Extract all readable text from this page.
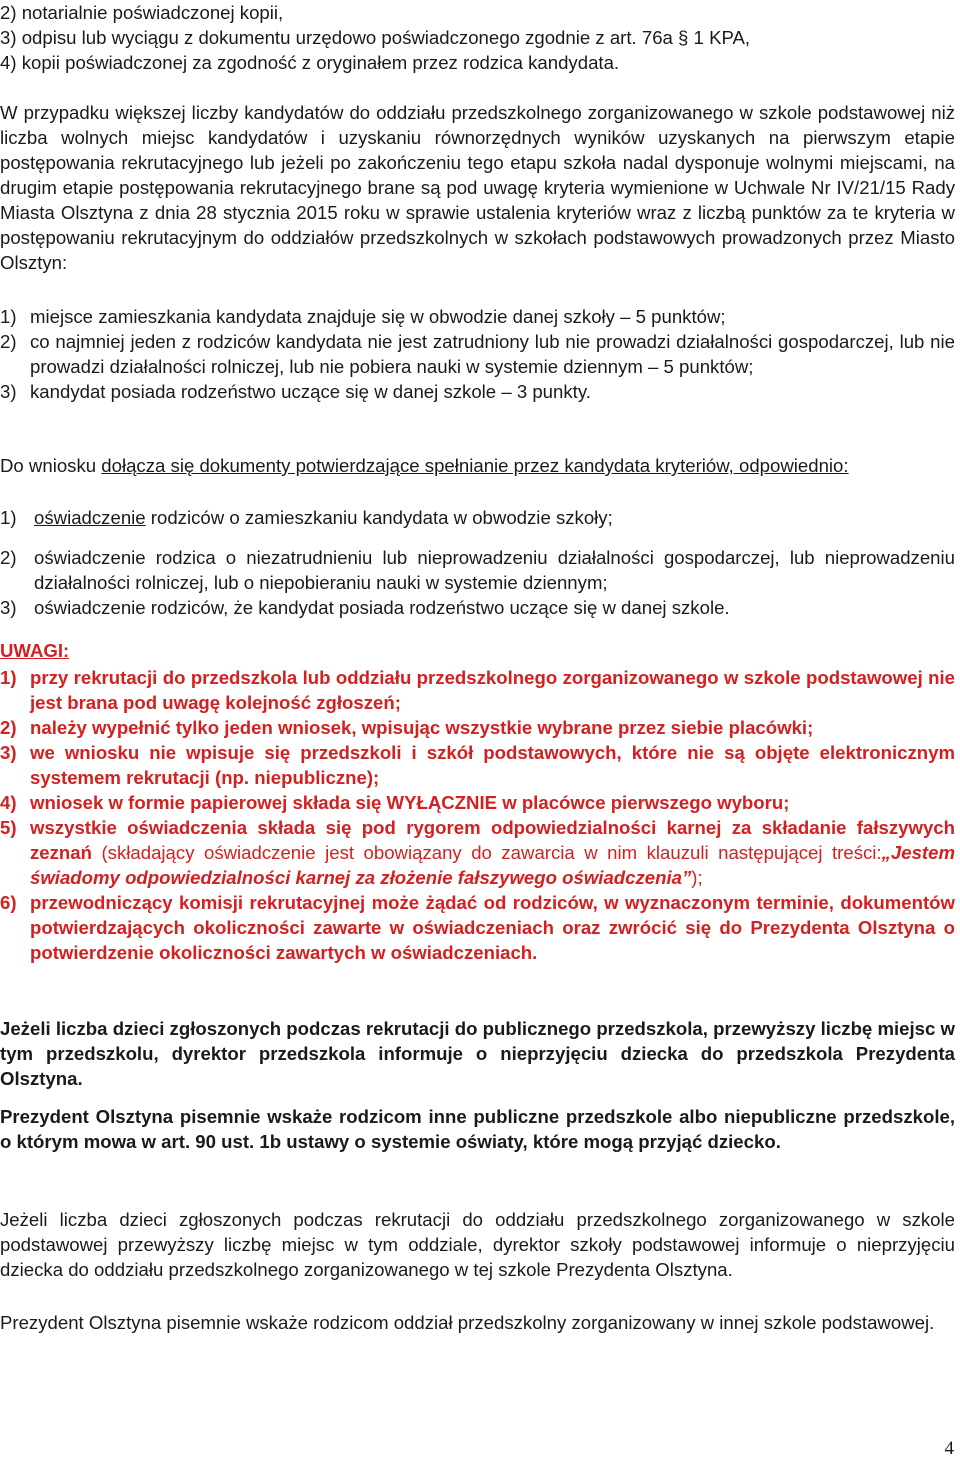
2) notarialnie poświadczonej kopii,
3) odpisu lub wyciągu z dokumentu urzędowo poświadczonego zgodnie z art. 76a § 1 KPA,
4) kopii poświadczonej za zgodność z oryginałem przez rodzica kandydata.

W przypadku większej liczby kandydatów do oddziału przedszkolnego zorganizowanego w szkole podstawowej niż liczba wolnych miejsc kandydatów i uzyskaniu równorzędnych wyników uzyskanych na pierwszym etapie postępowania rekrutacyjnego lub jeżeli po zakończeniu tego etapu szkoła nadal dysponuje wolnymi miejscami, na drugim etapie postępowania rekrutacyjnego brane są pod uwagę kryteria wymienione w Uchwale Nr IV/21/15 Rady Miasta Olsztyna z dnia 28 stycznia 2015 roku w sprawie ustalenia kryteriów wraz z liczbą punktów za te kryteria w postępowaniu rekrutacyjnym do oddziałów przedszkolnych w szkołach podstawowych prowadzonych przez Miasto Olsztyn:

1) miejsce zamieszkania kandydata znajduje się w obwodzie danej szkoły – 5 punktów;
2) co najmniej jeden z rodziców kandydata nie jest zatrudniony lub nie prowadzi działalności gospodarczej, lub nie prowadzi działalności rolniczej, lub nie pobiera nauki w systemie dziennym – 5 punktów;
3) kandydat posiada rodzeństwo uczące się w danej szkole – 3 punkty.

Do wniosku dołącza się dokumenty potwierdzające spełnianie przez kandydata kryteriów, odpowiednio:

1) oświadczenie rodziców o zamieszkaniu kandydata w obwodzie szkoły;
2) oświadczenie rodzica o niezatrudnieniu lub nieprowadzeniu działalności gospodarczej, lub nieprowadzeniu działalności rolniczej, lub o niepobieraniu nauki w systemie dziennym;
3) oświadczenie rodziców, że kandydat posiada rodzeństwo uczące się w danej szkole.
UWAGI:
1) przy rekrutacji do przedszkola lub oddziału przedszkolnego zorganizowanego w szkole podstawowej nie jest brana pod uwagę kolejność zgłoszeń;
2) należy wypełnić tylko jeden wniosek, wpisując wszystkie wybrane przez siebie placówki;
3) we wniosku nie wpisuje się przedszkoli i szkół podstawowych, które nie są objęte elektronicznym systemem rekrutacji (np. niepubliczne);
4) wniosek w formie papierowej składa się WYŁĄCZNIE w placówce pierwszego wyboru;
5) wszystkie oświadczenia składa się pod rygorem odpowiedzialności karnej za składanie fałszywych zeznań (składający oświadczenie jest obowiązany do zawarcia w nim klauzuli następującej treści:„Jestem świadomy odpowiedzialności karnej za złożenie fałszywego oświadczenia”);
6) przewodniczący komisji rekrutacyjnej może żądać od rodziców, w wyznaczonym terminie, dokumentów potwierdzających okoliczności zawarte w oświadczeniach oraz zwrócić się do Prezydenta Olsztyna o potwierdzenie okoliczności zawartych w oświadczeniach.

Jeżeli liczba dzieci zgłoszonych podczas rekrutacji do publicznego przedszkola, przewyższy liczbę miejsc w tym przedszkolu, dyrektor przedszkola informuje o nieprzyjęciu dziecka do przedszkola Prezydenta Olsztyna.

Prezydent Olsztyna pisemnie wskaże rodzicom inne publiczne przedszkole albo niepubliczne przedszkole, o którym mowa w art. 90 ust. 1b ustawy o systemie oświaty, które mogą przyjąć dziecko.

Jeżeli liczba dzieci zgłoszonych podczas rekrutacji do oddziału przedszkolnego zorganizowanego w szkole podstawowej przewyższy liczbę miejsc w tym oddziale, dyrektor szkoły podstawowej informuje o nieprzyjęciu dziecka do oddziału przedszkolnego zorganizowanego w tej szkole Prezydenta Olsztyna.

Prezydent Olsztyna pisemnie wskaże rodzicom oddział przedszkolny zorganizowany w innej szkole podstawowej.

4
